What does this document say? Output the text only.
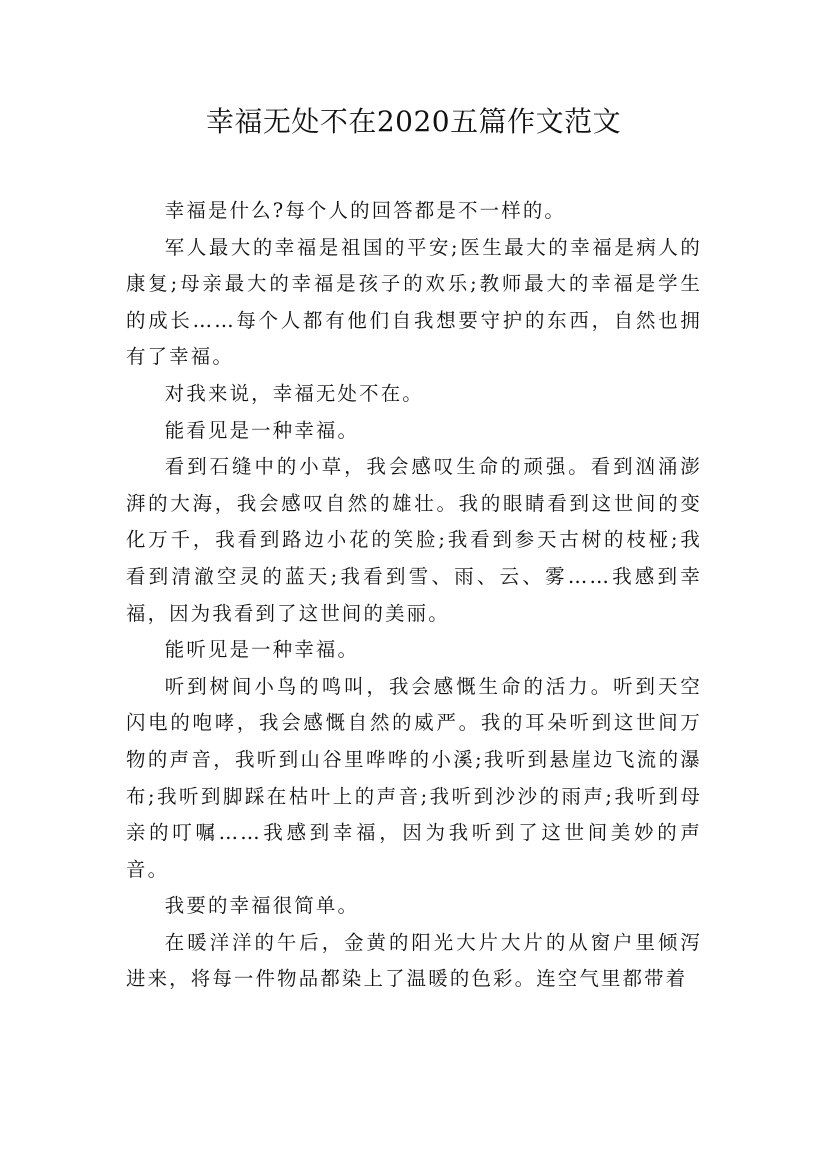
幸福无处不在2020五篇作文范文

幸福是什么?每个人的回答都是不一样的。

军人最大的幸福是祖国的平安;医生最大的幸福是病人的康复;母亲最大的幸福是孩子的欢乐;教师最大的幸福是学生的成长……每个人都有他们自我想要守护的东西，自然也拥有了幸福。

对我来说，幸福无处不在。

能看见是一种幸福。

看到石缝中的小草，我会感叹生命的顽强。看到汹涌澎湃的大海，我会感叹自然的雄壮。我的眼睛看到这世间的变化万千，我看到路边小花的笑脸;我看到参天古树的枝桠;我看到清澈空灵的蓝天;我看到雪、雨、云、雾……我感到幸福，因为我看到了这世间的美丽。

能听见是一种幸福。

听到树间小鸟的鸣叫，我会感慨生命的活力。听到天空闪电的咆哮，我会感慨自然的威严。我的耳朵听到这世间万物的声音，我听到山谷里哗哗的小溪;我听到悬崖边飞流的瀑布;我听到脚踩在枯叶上的声音;我听到沙沙的雨声;我听到母亲的叮嘱……我感到幸福，因为我听到了这世间美妙的声音。

我要的幸福很简单。

在暖洋洋的午后，金黄的阳光大片大片的从窗户里倾泻进来，将每一件物品都染上了温暖的色彩。连空气里都带着
